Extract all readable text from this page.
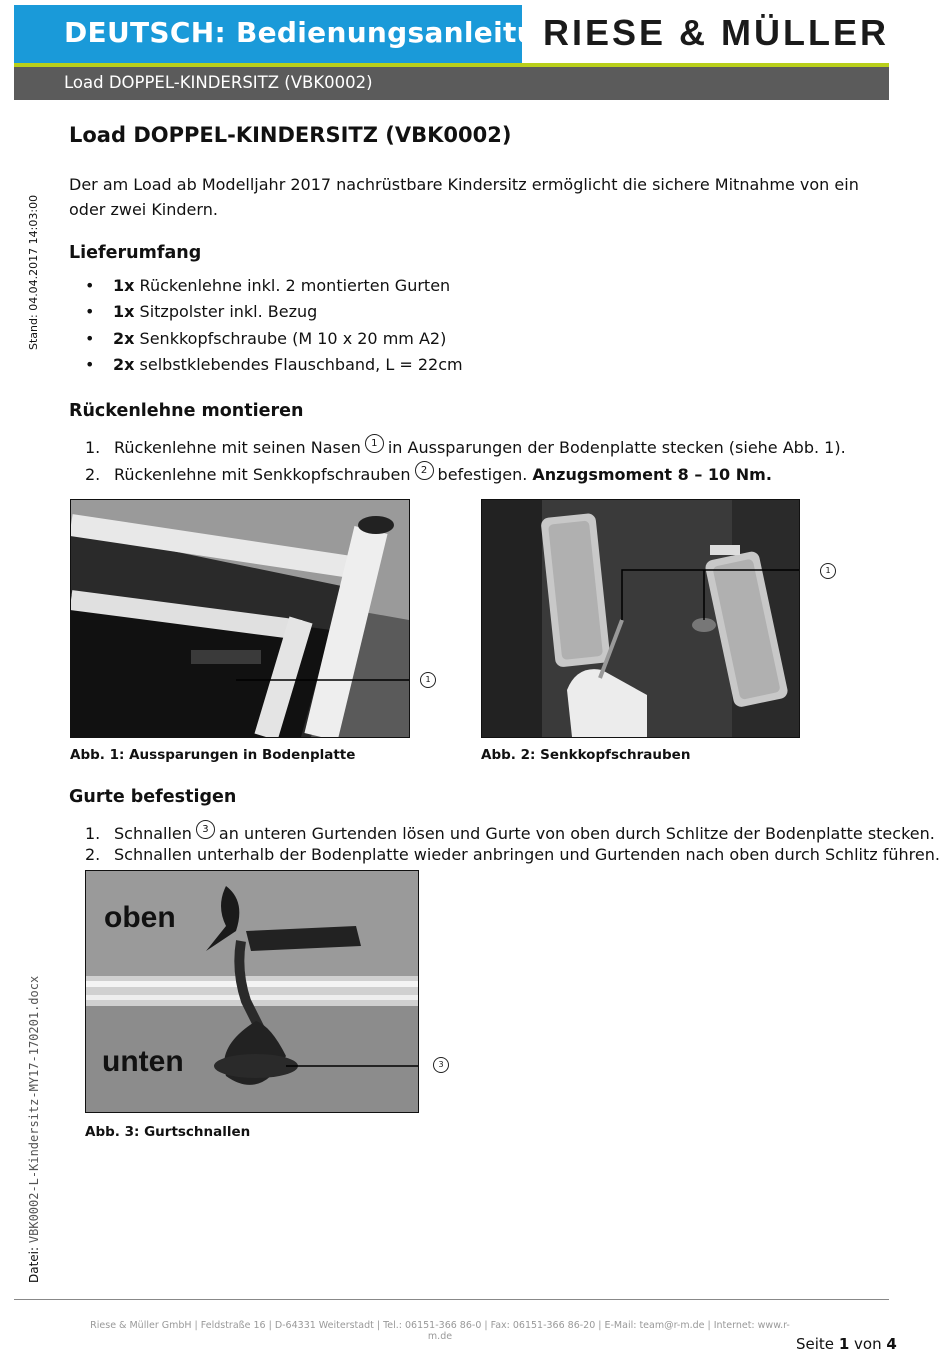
DEUTSCH: Bedienungsanleitung
RIESE & MÜLLER
Load DOPPEL-KINDERSITZ (VBK0002)
Stand: 04.04.2017 14:03:00
Datei: VBK0002-L-Kindersitz-MY17-170201.docx
Load DOPPEL-KINDERSITZ (VBK0002)
Der am Load ab Modelljahr 2017 nachrüstbare Kindersitz ermöglicht die sichere Mitnahme von ein oder zwei Kindern.
Lieferumfang
• 1x Rückenlehne inkl. 2 montierten Gurten
• 1x Sitzpolster inkl. Bezug
• 2x Senkkopfschraube (M 10 x 20 mm A2)
• 2x selbstklebendes Flauschband, L = 22cm
Rückenlehne montieren
1. Rückenlehne mit seinen Nasen 1 in Aussparungen der Bodenplatte stecken (siehe Abb. 1).
2. Rückenlehne mit Senkkopfschrauben 2 befestigen. Anzugsmoment 8 – 10 Nm.
1
Abb. 1: Aussparungen in Bodenplatte
1
Abb. 2: Senkkopfschrauben
Gurte befestigen
1. Schnallen 3 an unteren Gurtenden lösen und Gurte von oben durch Schlitze der Bodenplatte stecken.
2. Schnallen unterhalb der Bodenplatte wieder anbringen und Gurtenden nach oben durch Schlitz führen.
oben
unten	3
Abb. 3: Gurtschnallen
Riese & Müller GmbH | Feldstraße 16 | D-64331 Weiterstadt | Tel.: 06151-366 86-0 | Fax: 06151-366 86-20 | E-Mail: team@r-m.de | Internet: www.r-m.de	Seite 1 von 4
